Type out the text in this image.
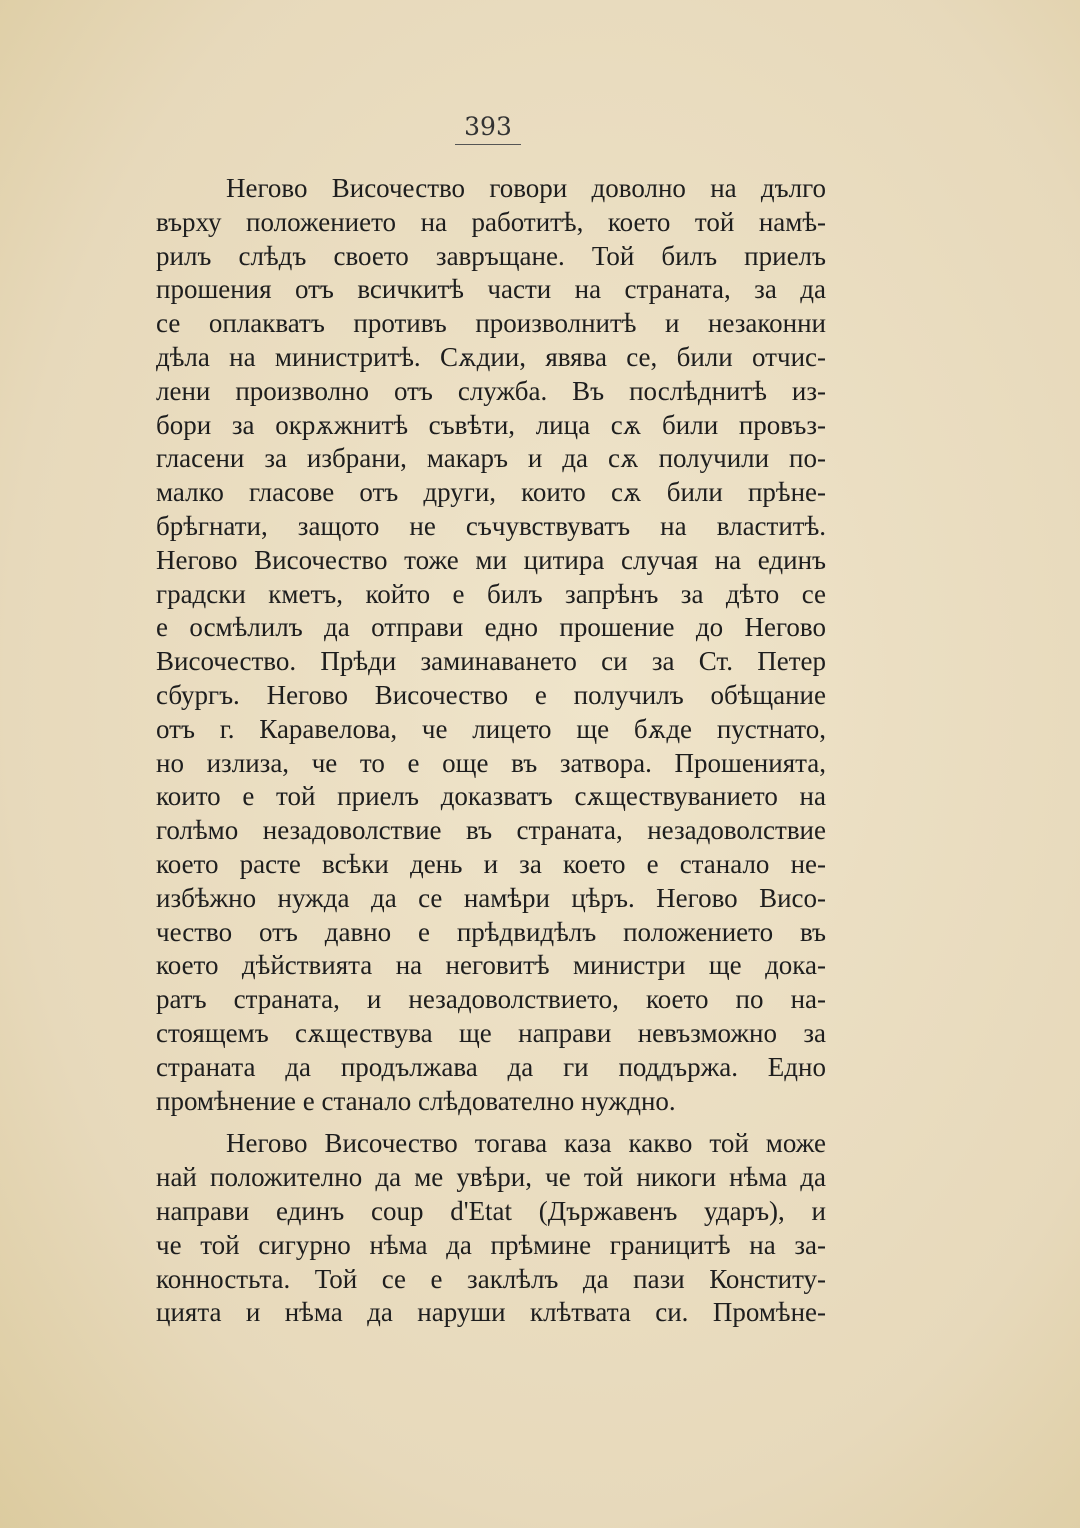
393
Негово Височество говори доволно на дълго
върху положението на работитѣ, което той намѣ-
рилъ слѣдъ своето завръщане. Той билъ приелъ
прошения отъ всичкитѣ части на страната, за да
се оплакватъ противъ произволнитѣ и незаконни
дѣла на министритѣ. Сѫдии, явява се, били отчис-
лени произволно отъ служба. Въ послѣднитѣ из-
бори за окрѫжнитѣ съвѣти, лица сѫ били провъз-
гласени за избрани, макаръ и да сѫ получили по-
малко гласове отъ други, които сѫ били прѣне-
брѣгнати, защото не съчувствуватъ на властитѣ.
Негово Височество тоже ми цитира случая на единъ
градски кметъ, който е билъ запрѣнъ за дѣто се
е осмѣлилъ да отправи едно прошение до Негово
Височество. Прѣди заминаването си за Ст. Петер
сбургъ. Негово Височество е получилъ обѣщание
отъ г. Каравелова, че лицето ще бѫде пустнато,
но излиза, че то е още въ затвора. Прошенията,
които е той приелъ доказватъ сѫществуванието на
голѣмо незадоволствие въ страната, незадоволствие
което расте всѣки день и за което е станало не-
избѣжно нужда да се намѣри цѣръ. Негово Висо-
чество отъ давно е прѣдвидѣлъ положението въ
което дѣйствията на неговитѣ министри ще дока-
ратъ страната, и незадоволствието, което по на-
стоящемъ сѫществува ще направи невъзможно за
страната да продължава да ги поддържа. Едно
промѣнение е станало слѣдователно нуждно.
Негово Височество тогава каза какво той може
най положително да ме увѣри, че той никоги нѣма да
направи единъ coup d'Etat (Държавенъ ударъ), и
че той сигурно нѣма да прѣмине границитѣ на за-
конностьта. Той се е заклѣлъ да пази Конститу-
цията и нѣма да наруши клѣтвата си. Промѣне-
